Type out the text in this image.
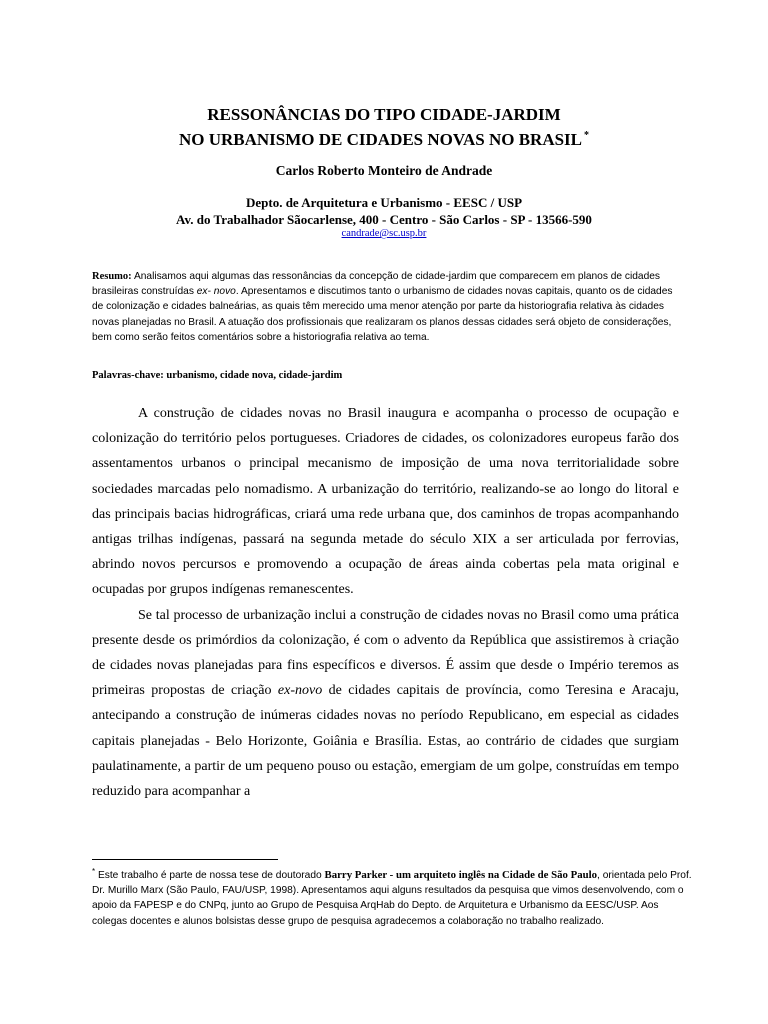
RESSONÂNCIAS DO TIPO CIDADE-JARDIM
NO URBANISMO DE CIDADES NOVAS NO BRASIL *
Carlos Roberto Monteiro de Andrade
Depto. de Arquitetura e Urbanismo - EESC / USP
Av. do Trabalhador Sãocarlense, 400 - Centro - São Carlos - SP - 13566-590
candrade@sc.usp.br
Resumo: Analisamos aqui algumas das ressonâncias da concepção de cidade-jardim que comparecem em planos de cidades brasileiras construídas ex- novo. Apresentamos e discutimos tanto o urbanismo de cidades novas capitais, quanto os de cidades de colonização e cidades balneárias, as quais têm merecido uma menor atenção por parte da historiografia relativa às cidades novas planejadas no Brasil. A atuação dos profissionais que realizaram os planos dessas cidades será objeto de considerações, bem como serão feitos comentários sobre a historiografia relativa ao tema.
Palavras-chave: urbanismo, cidade nova, cidade-jardim

A construção de cidades novas no Brasil inaugura e acompanha o processo de ocupação e colonização do território pelos portugueses. Criadores de cidades, os colonizadores europeus farão dos assentamentos urbanos o principal mecanismo de imposição de uma nova territorialidade sobre sociedades marcadas pelo nomadismo. A urbanização do território, realizando-se ao longo do litoral e das principais bacias hidrográficas, criará uma rede urbana que, dos caminhos de tropas acompanhando antigas trilhas indígenas, passará na segunda metade do século XIX a ser articulada por ferrovias, abrindo novos percursos e promovendo a ocupação de áreas ainda cobertas pela mata original e ocupadas por grupos indígenas remanescentes.

Se tal processo de urbanização inclui a construção de cidades novas no Brasil como uma prática presente desde os primórdios da colonização, é com o advento da República que assistiremos à criação de cidades novas planejadas para fins específicos e diversos. É assim que desde o Império teremos as primeiras propostas de criação ex-novo de cidades capitais de província, como Teresina e Aracaju, antecipando a construção de inúmeras cidades novas no período Republicano, em especial as cidades capitais planejadas - Belo Horizonte, Goiânia e Brasília. Estas, ao contrário de cidades que surgiam paulatinamente, a partir de um pequeno pouso ou estação, emergiam de um golpe, construídas em tempo reduzido para acompanhar a

* Este trabalho é parte de nossa tese de doutorado Barry Parker - um arquiteto inglês na Cidade de São Paulo, orientada pelo Prof. Dr. Murillo Marx (São Paulo, FAU/USP, 1998). Apresentamos aqui alguns resultados da pesquisa que vimos desenvolvendo, com o apoio da FAPESP e do CNPq, junto ao Grupo de Pesquisa ArqHab do Depto. de Arquitetura e Urbanismo da EESC/USP. Aos colegas docentes e alunos bolsistas desse grupo de pesquisa agradecemos a colaboração no trabalho realizado.
